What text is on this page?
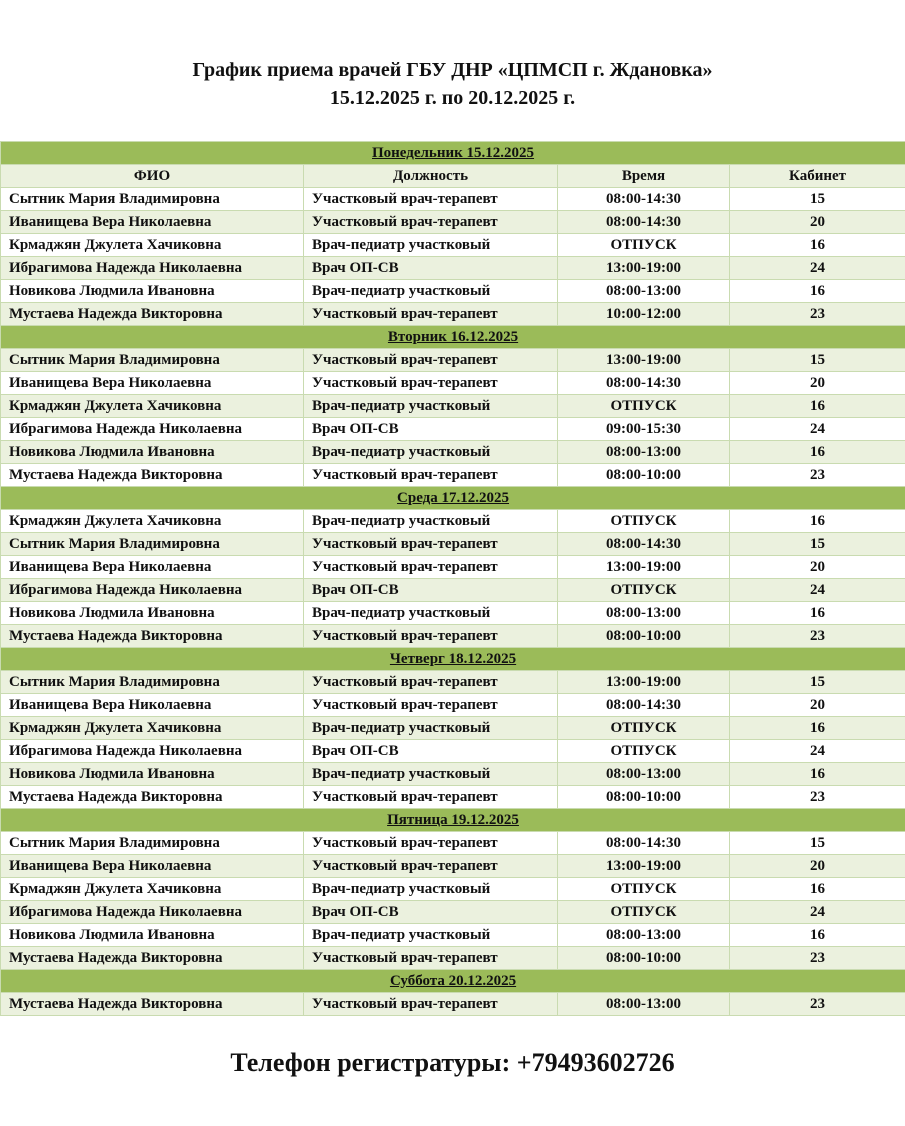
График приема врачей ГБУ ДНР «ЦПМСП г. Ждановка»
15.12.2025 г. по 20.12.2025 г.
Понедельник 15.12.2025			
ФИО	Должность	Время	Кабинет
Сытник Мария Владимировна	Участковый врач-терапевт	08:00-14:30	15
Иванищева Вера Николаевна	Участковый врач-терапевт	08:00-14:30	20
Крмаджян Джулета Хачиковна	Врач-педиатр участковый	ОТПУСК	16
Ибрагимова Надежда Николаевна	Врач ОП-СВ	13:00-19:00	24
Новикова Людмила Ивановна	Врач-педиатр участковый	08:00-13:00	16
Мустаева Надежда Викторовна	Участковый врач-терапевт	10:00-12:00	23
Вторник 16.12.2025			
Сытник Мария Владимировна	Участковый врач-терапевт	13:00-19:00	15
Иванищева Вера Николаевна	Участковый врач-терапевт	08:00-14:30	20
Крмаджян Джулета Хачиковна	Врач-педиатр участковый	ОТПУСК	16
Ибрагимова Надежда Николаевна	Врач ОП-СВ	09:00-15:30	24
Новикова Людмила Ивановна	Врач-педиатр участковый	08:00-13:00	16
Мустаева Надежда Викторовна	Участковый врач-терапевт	08:00-10:00	23
Среда 17.12.2025			
Крмаджян Джулета Хачиковна	Врач-педиатр участковый	ОТПУСК	16
Сытник Мария Владимировна	Участковый врач-терапевт	08:00-14:30	15
Иванищева Вера Николаевна	Участковый врач-терапевт	13:00-19:00	20
Ибрагимова Надежда Николаевна	Врач ОП-СВ	ОТПУСК	24
Новикова Людмила Ивановна	Врач-педиатр участковый	08:00-13:00	16
Мустаева Надежда Викторовна	Участковый врач-терапевт	08:00-10:00	23
Четверг 18.12.2025			
Сытник Мария Владимировна	Участковый врач-терапевт	13:00-19:00	15
Иванищева Вера Николаевна	Участковый врач-терапевт	08:00-14:30	20
Крмаджян Джулета Хачиковна	Врач-педиатр участковый	ОТПУСК	16
Ибрагимова Надежда Николаевна	Врач ОП-СВ	ОТПУСК	24
Новикова Людмила Ивановна	Врач-педиатр участковый	08:00-13:00	16
Мустаева Надежда Викторовна	Участковый врач-терапевт	08:00-10:00	23
Пятница 19.12.2025			
Сытник Мария Владимировна	Участковый врач-терапевт	08:00-14:30	15
Иванищева Вера Николаевна	Участковый врач-терапевт	13:00-19:00	20
Крмаджян Джулета Хачиковна	Врач-педиатр участковый	ОТПУСК	16
Ибрагимова Надежда Николаевна	Врач ОП-СВ	ОТПУСК	24
Новикова Людмила Ивановна	Врач-педиатр участковый	08:00-13:00	16
Мустаева Надежда Викторовна	Участковый врач-терапевт	08:00-10:00	23
Суббота 20.12.2025			
Мустаева Надежда Викторовна	Участковый врач-терапевт	08:00-13:00	23
Телефон регистратуры: +79493602726
